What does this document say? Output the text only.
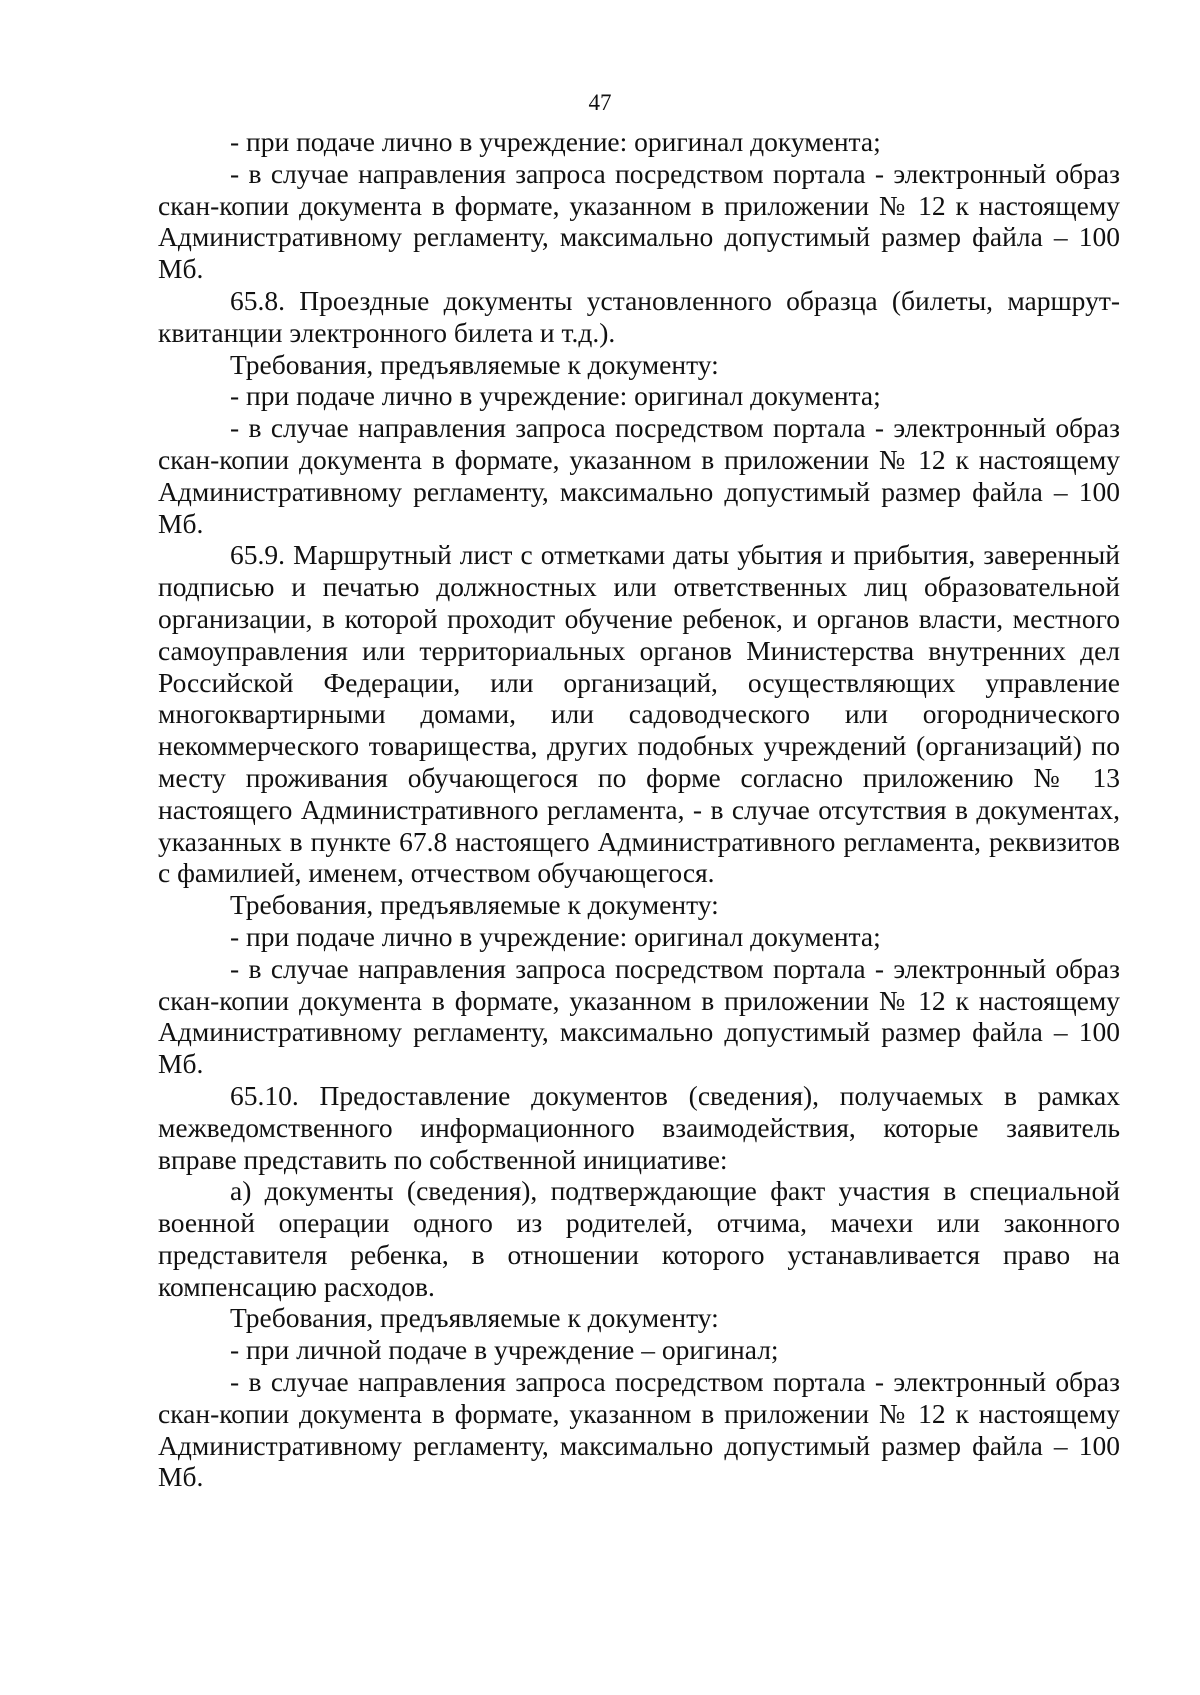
47

- при подаче лично в учреждение: оригинал документа;

- в случае направления запроса посредством портала - электронный образ скан-копии документа в формате, указанном в приложении № 12 к настоящему Административному регламенту, максимально допустимый размер файла – 100 Мб.

65.8. Проездные документы установленного образца (билеты, маршрут-квитанции электронного билета и т.д.).

Требования, предъявляемые к документу:

- при подаче лично в учреждение: оригинал документа;

- в случае направления запроса посредством портала - электронный образ скан-копии документа в формате, указанном в приложении № 12 к настоящему Административному регламенту, максимально допустимый размер файла – 100 Мб.

65.9. Маршрутный лист с отметками даты убытия и прибытия, заверенный подписью и печатью должностных или ответственных лиц образовательной организации, в которой проходит обучение ребенок, и органов власти, местного самоуправления или территориальных органов Министерства внутренних дел Российской Федерации, или организаций, осуществляющих управление многоквартирными домами, или садоводческого или огороднического некоммерческого товарищества, других подобных учреждений (организаций) по месту проживания обучающегося по форме согласно приложению № 13 настоящего Административного регламента, - в случае отсутствия в документах, указанных в пункте 67.8 настоящего Административного регламента, реквизитов с фамилией, именем, отчеством обучающегося.

Требования, предъявляемые к документу:

- при подаче лично в учреждение: оригинал документа;

- в случае направления запроса посредством портала - электронный образ скан-копии документа в формате, указанном в приложении № 12 к настоящему Административному регламенту, максимально допустимый размер файла – 100 Мб.

65.10. Предоставление документов (сведения), получаемых в рамках межведомственного информационного взаимодействия, которые заявитель вправе представить по собственной инициативе:

а) документы (сведения), подтверждающие факт участия в специальной военной операции одного из родителей, отчима, мачехи или законного представителя ребенка, в отношении которого устанавливается право на компенсацию расходов.

Требования, предъявляемые к документу:

- при личной подаче в учреждение – оригинал;

- в случае направления запроса посредством портала - электронный образ скан-копии документа в формате, указанном в приложении № 12 к настоящему Административному регламенту, максимально допустимый размер файла – 100 Мб.
